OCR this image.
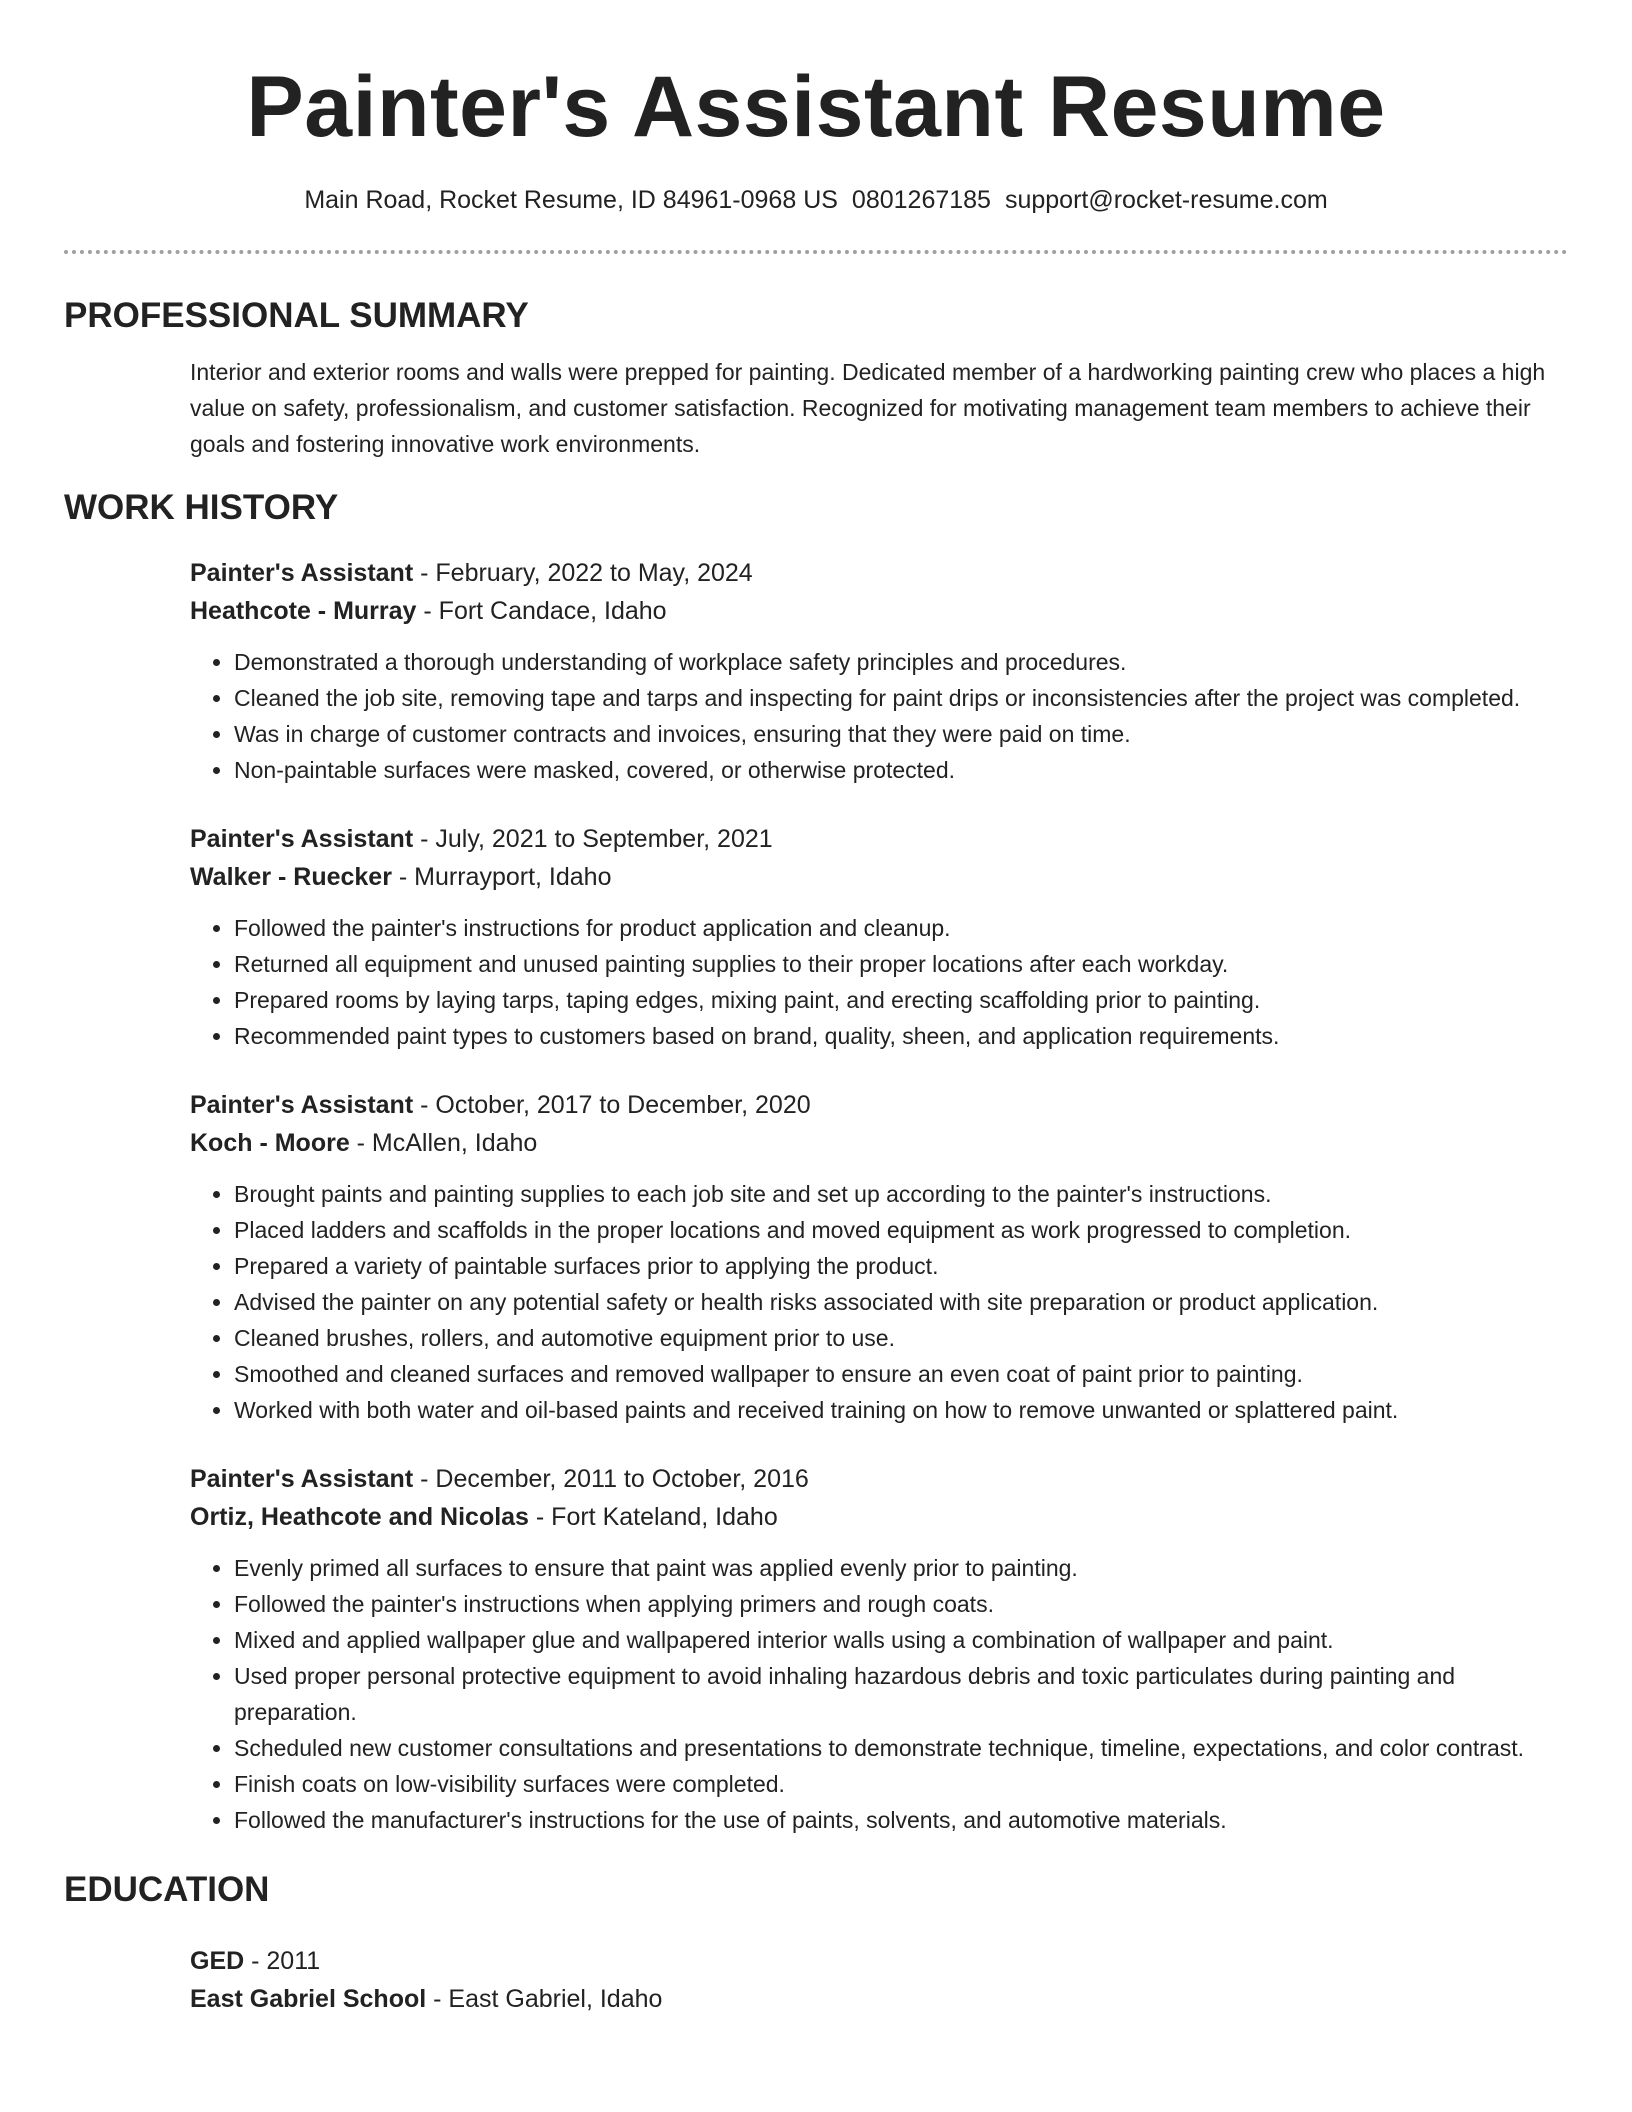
Painter's Assistant Resume
Main Road, Rocket Resume, ID 84961-0968 US 0801267185 support@rocket-resume.com
PROFESSIONAL SUMMARY
Interior and exterior rooms and walls were prepped for painting. Dedicated member of a hardworking painting crew who places a high value on safety, professionalism, and customer satisfaction. Recognized for motivating management team members to achieve their goals and fostering innovative work environments.
WORK HISTORY
Painter's Assistant - February, 2022 to May, 2024
Heathcote - Murray - Fort Candace, Idaho
• Demonstrated a thorough understanding of workplace safety principles and procedures.
• Cleaned the job site, removing tape and tarps and inspecting for paint drips or inconsistencies after the project was completed.
• Was in charge of customer contracts and invoices, ensuring that they were paid on time.
• Non-paintable surfaces were masked, covered, or otherwise protected.
Painter's Assistant - July, 2021 to September, 2021
Walker - Ruecker - Murrayport, Idaho
• Followed the painter's instructions for product application and cleanup.
• Returned all equipment and unused painting supplies to their proper locations after each workday.
• Prepared rooms by laying tarps, taping edges, mixing paint, and erecting scaffolding prior to painting.
• Recommended paint types to customers based on brand, quality, sheen, and application requirements.
Painter's Assistant - October, 2017 to December, 2020
Koch - Moore - McAllen, Idaho
• Brought paints and painting supplies to each job site and set up according to the painter's instructions.
• Placed ladders and scaffolds in the proper locations and moved equipment as work progressed to completion.
• Prepared a variety of paintable surfaces prior to applying the product.
• Advised the painter on any potential safety or health risks associated with site preparation or product application.
• Cleaned brushes, rollers, and automotive equipment prior to use.
• Smoothed and cleaned surfaces and removed wallpaper to ensure an even coat of paint prior to painting.
• Worked with both water and oil-based paints and received training on how to remove unwanted or splattered paint.
Painter's Assistant - December, 2011 to October, 2016
Ortiz, Heathcote and Nicolas - Fort Kateland, Idaho
• Evenly primed all surfaces to ensure that paint was applied evenly prior to painting.
• Followed the painter's instructions when applying primers and rough coats.
• Mixed and applied wallpaper glue and wallpapered interior walls using a combination of wallpaper and paint.
• Used proper personal protective equipment to avoid inhaling hazardous debris and toxic particulates during painting and preparation.
• Scheduled new customer consultations and presentations to demonstrate technique, timeline, expectations, and color contrast.
• Finish coats on low-visibility surfaces were completed.
• Followed the manufacturer's instructions for the use of paints, solvents, and automotive materials.
EDUCATION
GED - 2011
East Gabriel School - East Gabriel, Idaho
